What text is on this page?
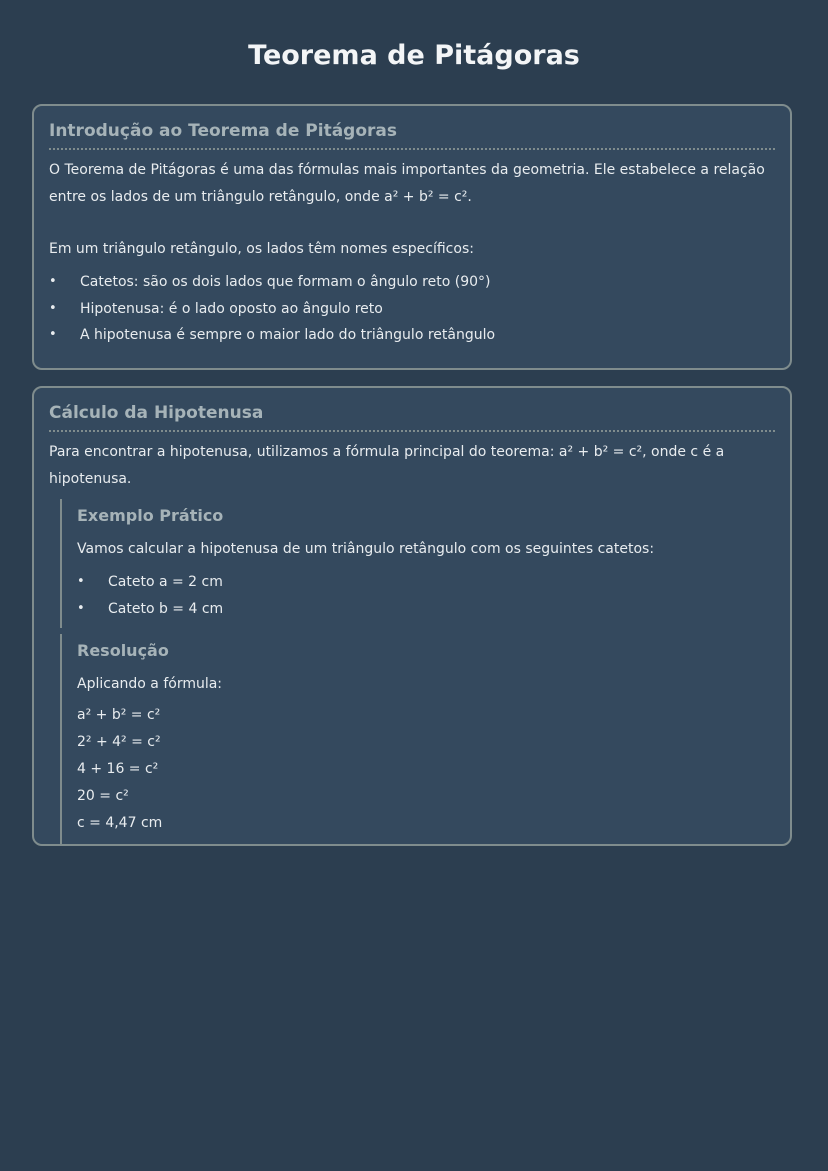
Teorema de Pitágoras
Introdução ao Teorema de Pitágoras

O Teorema de Pitágoras é uma das fórmulas mais importantes da geometria. Ele estabelece a relação entre os lados de um triângulo retângulo, onde a² + b² = c².

Em um triângulo retângulo, os lados têm nomes específicos:

• Catetos: são os dois lados que formam o ângulo reto (90°)
• Hipotenusa: é o lado oposto ao ângulo reto
• A hipotenusa é sempre o maior lado do triângulo retângulo
Cálculo da Hipotenusa

Para encontrar a hipotenusa, utilizamos a fórmula principal do teorema: a² + b² = c², onde c é a hipotenusa.

Exemplo Prático

Vamos calcular a hipotenusa de um triângulo retângulo com os seguintes catetos:

• Cateto a = 2 cm
• Cateto b = 4 cm
Resolução

Aplicando a fórmula:

a² + b² = c²
2² + 4² = c²
4 + 16 = c²
20 = c²
c = 4,47 cm
